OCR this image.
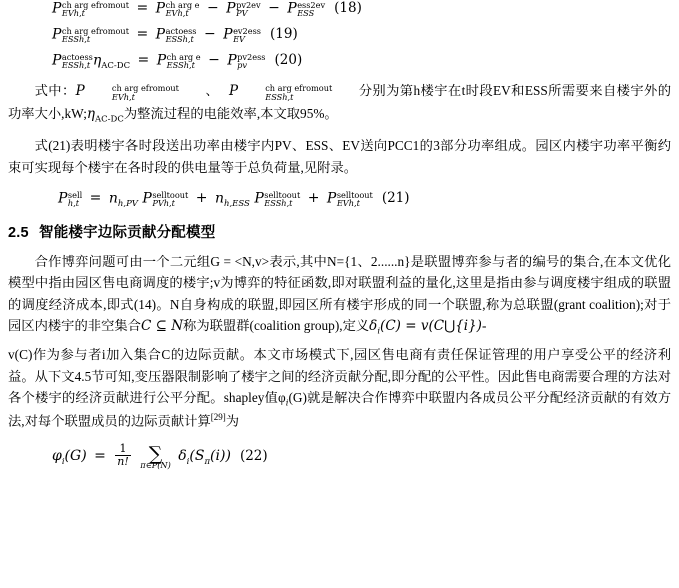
P ch arg efromout
EVh,t	= P ch arg e
EVh,t	− P pv2ev
PV	− P ess2ev
ESS	(18)
P ch arg efromout
ESSh,t	= P actoess
ESSh,t − P ev2ess
EV	(19)
P actoess
ESSh,t $\eta_{AC-DC} = P$ ch arg e
ESSh,t − P pv2ess
pv	(20)

式中：P	ch arg efromout
EVh,t	、 P	ch arg efromout
ESSh,t	分别为第h楼宇在t时段EV和ESS所需要来自楼宇外的功率大小$,kW;\eta_{AC-DC}$为整流过程的电能效率,本文取95%。

式(21)表明楼宇各时段送出功率由楼宇内PV、ESS、EV送向PCC1的3部分功率组成。园区内楼宇功率平衡约束可实现每个楼宇在各时段的供电量等于总负荷量,见附录。

P sell
$h,t = n_{h,PV}$ P selltoout
PVh,t	+ $n_{h,ESS}$ P selltoout
ESSh,t	+ P selltoout
EVh,t	(21)
2.5 智能楼宇边际贡献分配模型

合作博弈问题可由一个二元组G = <N,v>表示,其中N={1、2......n}是联盟博弈参与者的编号的集合,在本文优化模型中指由园区售电商调度的楼宇;v为博弈的特征函数,即对联盟利益的量化,这里是指由参与调度楼宇组成的联盟的调度经济成本,即式(14)。N自身构成的联盟,即园区所有楼宇形成的同一个联盟,称为总联盟(grant coalition);对于园区内楼宇的非空集合C ⊆ N称为联盟群(coalition group),定义$\delta_i(C)$ = v(C⋃{i})-

v(C)作为参与者i加入集合C的边际贡献。本文市场模式下,园区售电商有责任保证管理的用户享受公平的经济利益。从下文4.5节可知,变压器限制影响了楼宇之间的经济贡献分配,即分配的公平性。因此售电商需要合理的方法对各个楼宇的经济贡献进行公平分配。shapley值$\varphi_i(G)$就是解决合作博弈中联盟内各成员公平分配经济贡献的有效方法,对每个联盟成员的边际贡献计算[29]为

$\varphi_i(G) = \frac{1}{n!}$
∑
π∈P(N)
$\delta_i(S_\pi(i))$ (22)
